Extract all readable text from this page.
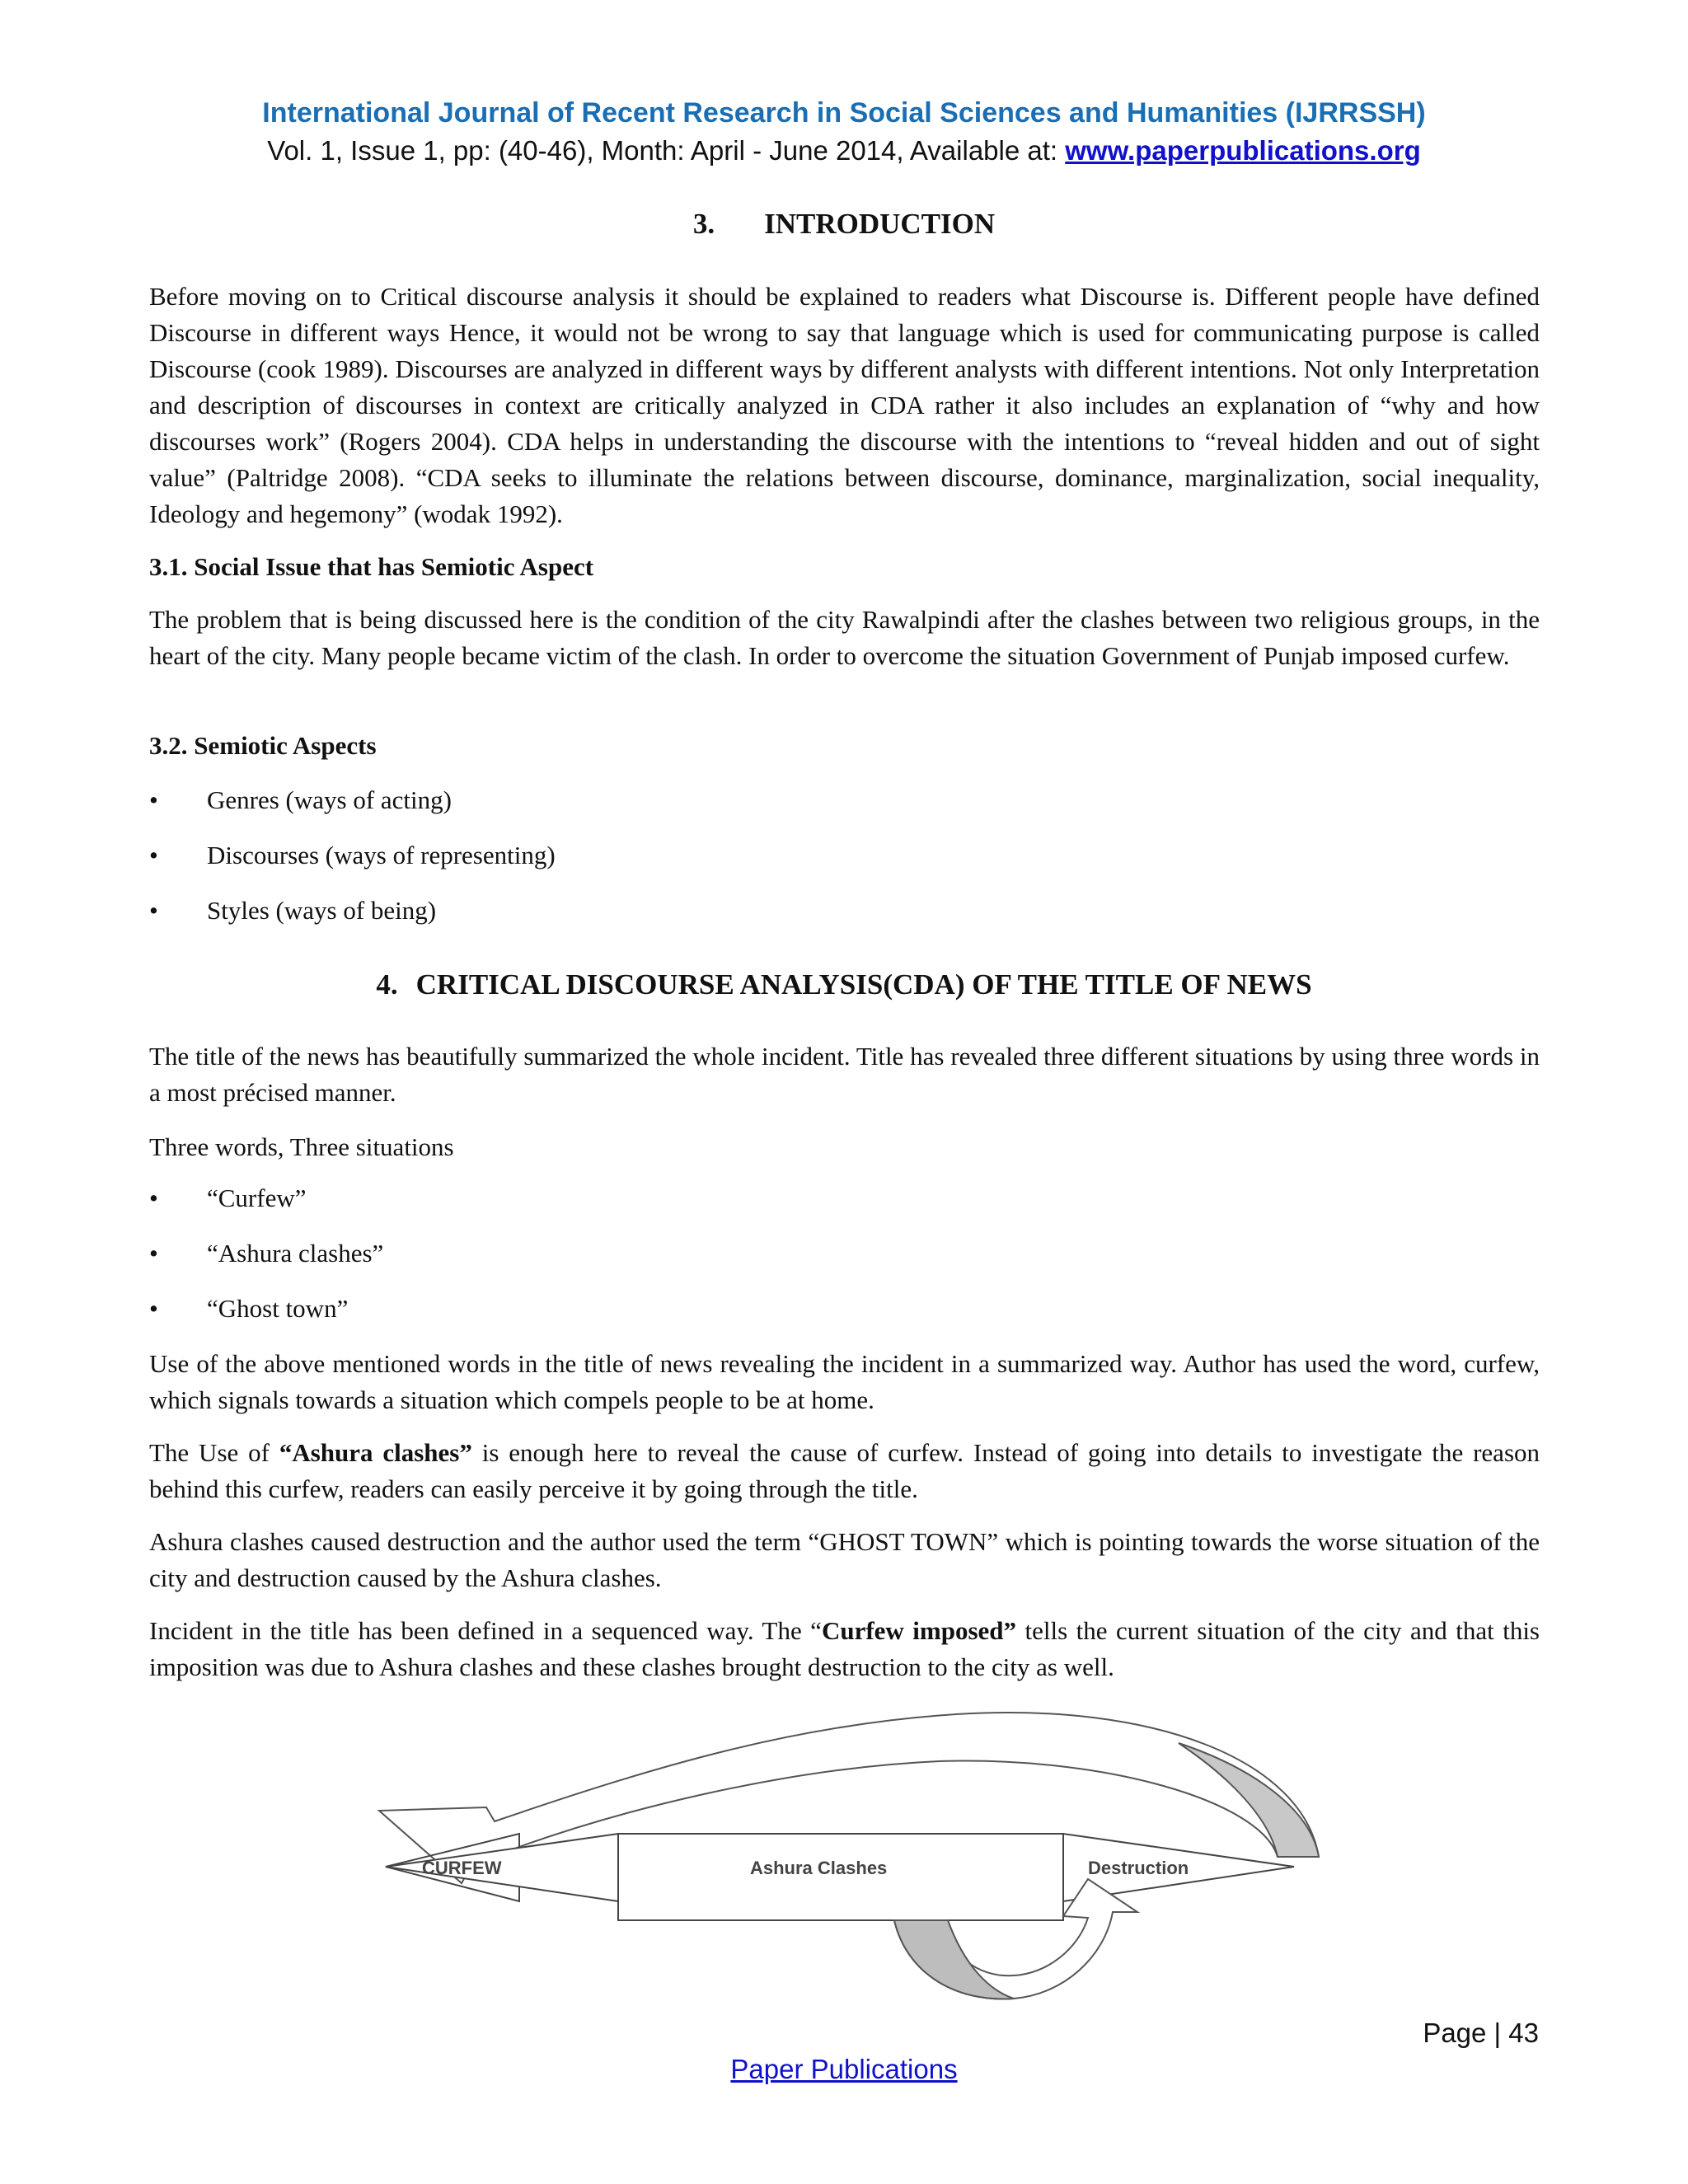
International Journal of Recent Research in Social Sciences and Humanities (IJRRSSH)
Vol. 1, Issue 1, pp: (40-46), Month: April - June 2014, Available at: www.paperpublications.org
3. INTRODUCTION

Before moving on to Critical discourse analysis it should be explained to readers what Discourse is. Different people have defined Discourse in different ways Hence, it would not be wrong to say that language which is used for communicating purpose is called Discourse (cook 1989). Discourses are analyzed in different ways by different analysts with different intentions. Not only Interpretation and description of discourses in context are critically analyzed in CDA rather it also includes an explanation of “why and how discourses work” (Rogers 2004). CDA helps in understanding the discourse with the intentions to “reveal hidden and out of sight value” (Paltridge 2008). “CDA seeks to illuminate the relations between discourse, dominance, marginalization, social inequality, Ideology and hegemony” (wodak 1992).

3.1. Social Issue that has Semiotic Aspect

The problem that is being discussed here is the condition of the city Rawalpindi after the clashes between two religious groups, in the heart of the city. Many people became victim of the clash. In order to overcome the situation Government of Punjab imposed curfew.

3.2. Semiotic Aspects
• Genres (ways of acting)
• Discourses (ways of representing)
• Styles (ways of being)
4. CRITICAL DISCOURSE ANALYSIS(CDA) OF THE TITLE OF NEWS

The title of the news has beautifully summarized the whole incident. Title has revealed three different situations by using three words in a most précised manner.

Three words, Three situations

• “Curfew”
• “Ashura clashes”
• “Ghost town”

Use of the above mentioned words in the title of news revealing the incident in a summarized way. Author has used the word, curfew, which signals towards a situation which compels people to be at home.

The Use of “Ashura clashes” is enough here to reveal the cause of curfew. Instead of going into details to investigate the reason behind this curfew, readers can easily perceive it by going through the title.

Ashura clashes caused destruction and the author used the term “GHOST TOWN” which is pointing towards the worse situation of the city and destruction caused by the Ashura clashes.

Incident in the title has been defined in a sequenced way. The “Curfew imposed” tells the current situation of the city and that this imposition was due to Ashura clashes and these clashes brought destruction to the city as well.

CURFEW	Ashura Clashes	Destruction
Page | 43
Paper Publications
